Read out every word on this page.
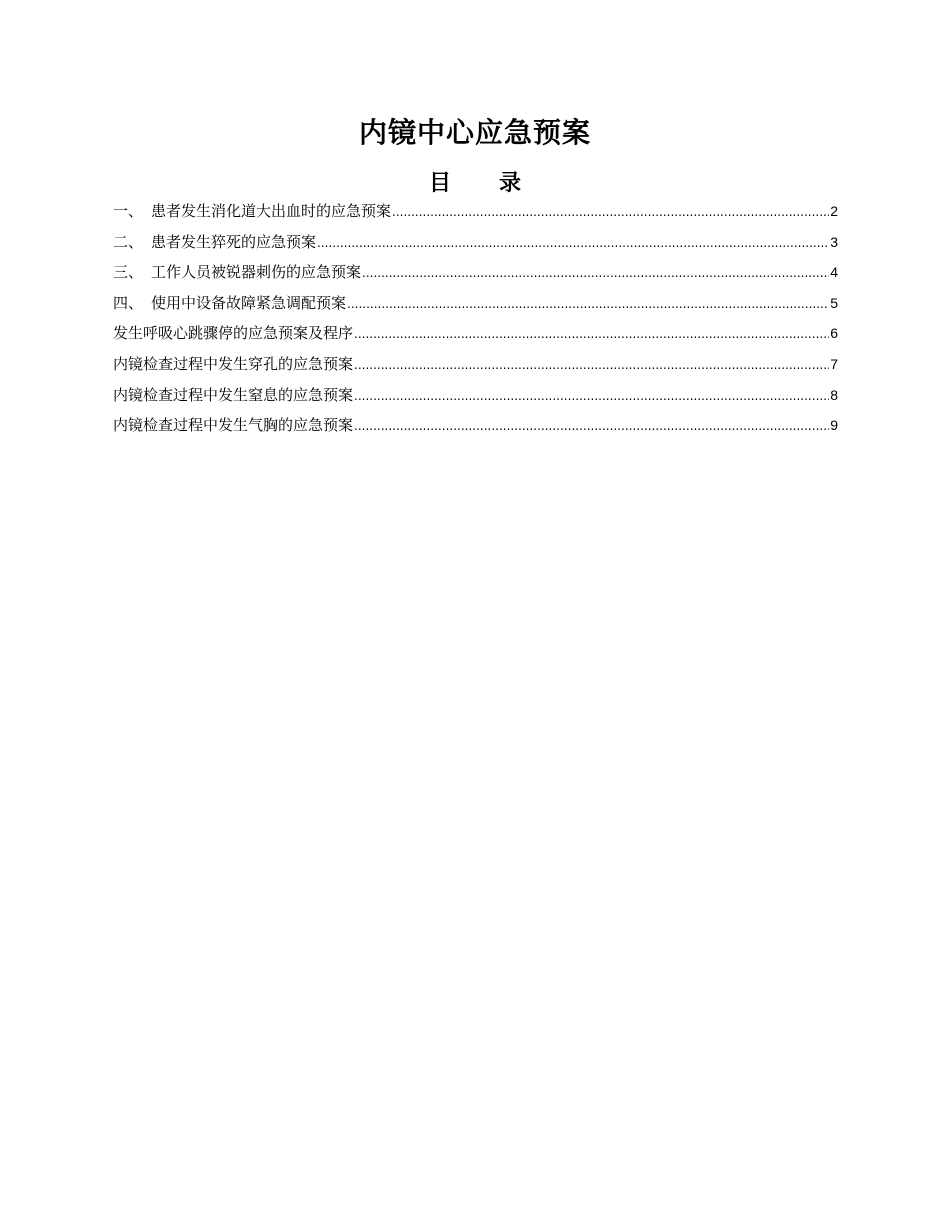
内镜中心应急预案
目 录
一、 患者发生消化道大出血时的应急预案 .....	2
二、 患者发生猝死的应急预案 .....	3
三、 工作人员被锐器刺伤的应急预案 .....	4
四、 使用中设备故障紧急调配预案 .....	5
发生呼吸心跳骤停的应急预案及程序 .....	6
内镜检查过程中发生穿孔的应急预案 .....	7
内镜检查过程中发生窒息的应急预案 .....	8
内镜检查过程中发生气胸的应急预案 .....	9
